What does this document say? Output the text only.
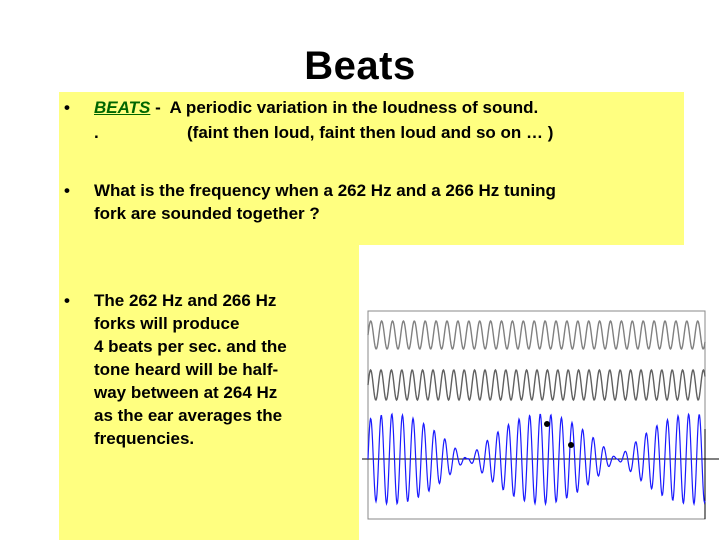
Beats
• BEATS -  A periodic variation in the loudness of sound.
.	(faint then loud, faint then loud and so on … )
• What is the frequency when a 262 Hz and a 266 Hz tuning
fork are sounded together ?
• The 262 Hz and 266 Hz
forks will produce
4 beats per sec. and the
tone heard will be half-
way between at 264 Hz
as the ear averages the
frequencies.
